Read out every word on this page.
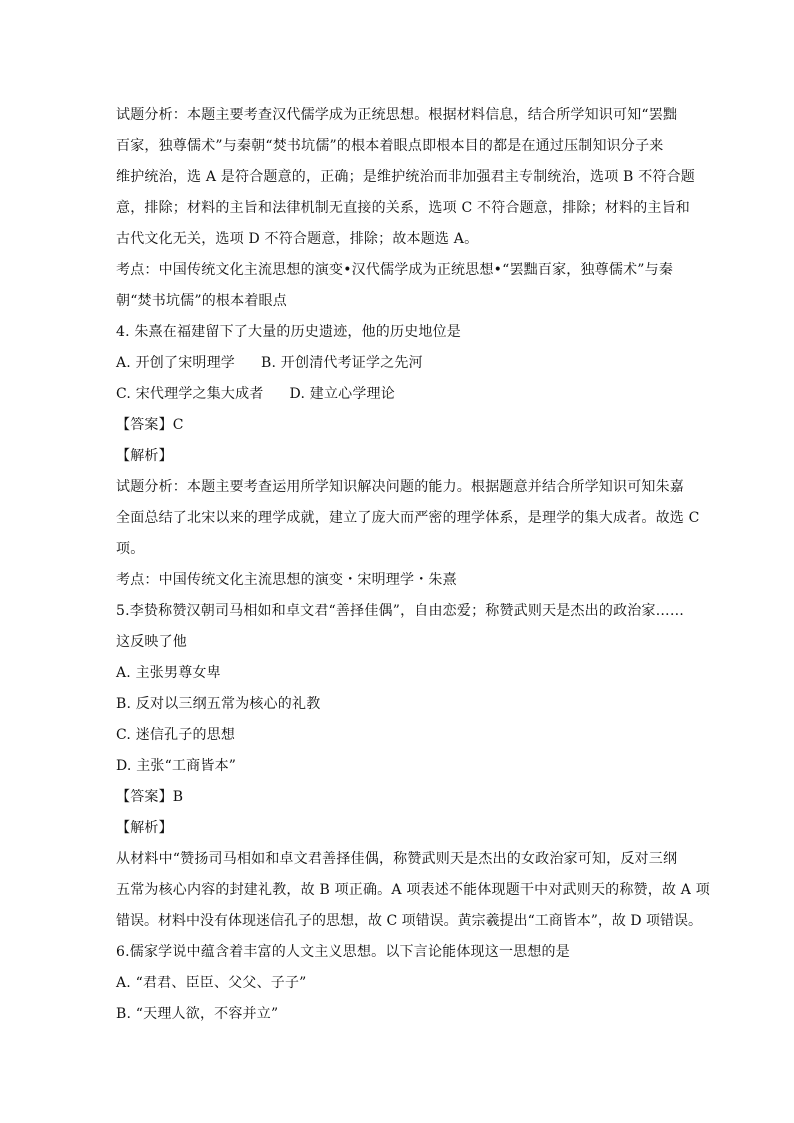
试题分析：本题主要考查汉代儒学成为正统思想。根据材料信息，结合所学知识可知“罢黜
百家，独尊儒术”与秦朝“焚书坑儒”的根本着眼点即根本目的都是在通过压制知识分子来
维护统治，选 A 是符合题意的，正确；是维护统治而非加强君主专制统治，选项 B 不符合题
意，排除；材料的主旨和法律机制无直接的关系，选项 C 不符合题意，排除；材料的主旨和
古代文化无关，选项 D 不符合题意，排除；故本题选 A。
考点：中国传统文化主流思想的演变•汉代儒学成为正统思想•“罢黜百家，独尊儒术”与秦
朝“焚书坑儒”的根本着眼点
4. 朱熹在福建留下了大量的历史遗迹，他的历史地位是
A. 开创了宋明理学 B. 开创清代考证学之先河
C. 宋代理学之集大成者 D. 建立心学理论
【答案】C
【解析】
试题分析：本题主要考查运用所学知识解决问题的能力。根据题意并结合所学知识可知朱嘉
全面总结了北宋以来的理学成就，建立了庞大而严密的理学体系，是理学的集大成者。故选 C
项。
考点：中国传统文化主流思想的演变・宋明理学・朱熹
5.李贽称赞汉朝司马相如和卓文君“善择佳偶”，自由恋爱；称赞武则天是杰出的政治家……
这反映了他
A. 主张男尊女卑
B. 反对以三纲五常为核心的礼教
C. 迷信孔子的思想
D. 主张“工商皆本”
【答案】B
【解析】
从材料中“赞扬司马相如和卓文君善择佳偶，称赞武则天是杰出的女政治家可知，反对三纲
五常为核心内容的封建礼教，故 B 项正确。A 项表述不能体现题干中对武则天的称赞，故 A 项
错误。材料中没有体现迷信孔子的思想，故 C 项错误。黄宗羲提出“工商皆本”，故 D 项错误。
6.儒家学说中蕴含着丰富的人文主义思想。以下言论能体现这一思想的是
A. “君君、臣臣、父父、子子”
B. “天理人欲，不容并立”
